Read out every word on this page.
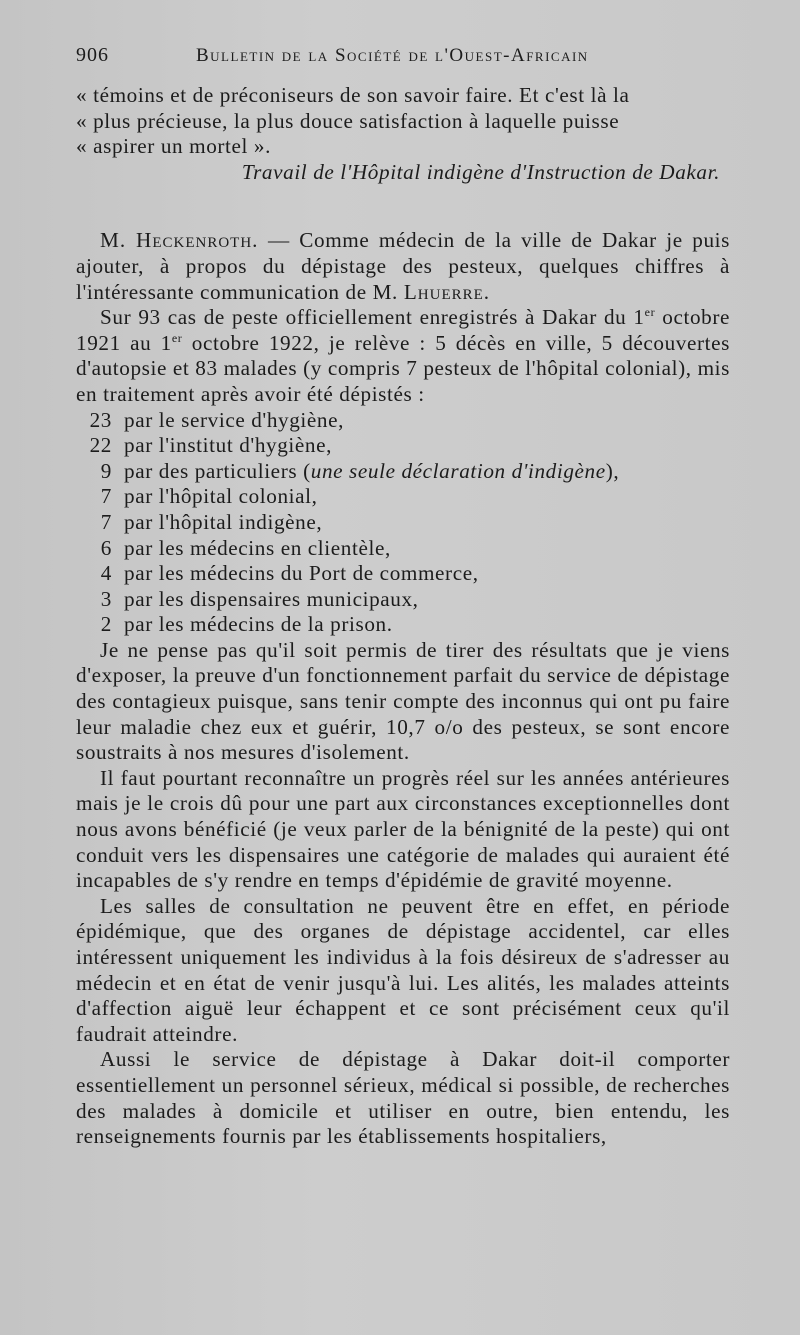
906	Bulletin de la Société de l'Ouest-Africain

« témoins et de préconiseurs de son savoir faire. Et c'est là la

« plus précieuse, la plus douce satisfaction à laquelle puisse

« aspirer un mortel ».

Travail de l'Hôpital indigène d'Instruction de Dakar.

M. Heckenroth. — Comme médecin de la ville de Dakar je puis ajouter, à propos du dépistage des pesteux, quelques chiffres à l'intéressante communication de M. Lhuerre.

Sur 93 cas de peste officiellement enregistrés à Dakar du 1er octobre 1921 au 1er octobre 1922, je relève : 5 décès en ville, 5 découvertes d'autopsie et 83 malades (y compris 7 pesteux de l'hôpital colonial), mis en traitement après avoir été dépistés :

23 par le service d'hygiène,
22 par l'institut d'hygiène,
9 par des particuliers (une seule déclaration d'indigène),
7 par l'hôpital colonial,
7 par l'hôpital indigène,
6 par les médecins en clientèle,
4 par les médecins du Port de commerce,
3 par les dispensaires municipaux,
2 par les médecins de la prison.

Je ne pense pas qu'il soit permis de tirer des résultats que je viens d'exposer, la preuve d'un fonctionnement parfait du service de dépistage des contagieux puisque, sans tenir compte des inconnus qui ont pu faire leur maladie chez eux et guérir, 10,7 o/o des pesteux, se sont encore soustraits à nos mesures d'isolement.

Il faut pourtant reconnaître un progrès réel sur les années antérieures mais je le crois dû pour une part aux circonstances exceptionnelles dont nous avons bénéficié (je veux parler de la bénignité de la peste) qui ont conduit vers les dispensaires une catégorie de malades qui auraient été incapables de s'y rendre en temps d'épidémie de gravité moyenne.

Les salles de consultation ne peuvent être en effet, en période épidémique, que des organes de dépistage accidentel, car elles intéressent uniquement les individus à la fois désireux de s'adresser au médecin et en état de venir jusqu'à lui. Les alités, les malades atteints d'affection aiguë leur échappent et ce sont précisément ceux qu'il faudrait atteindre.

Aussi le service de dépistage à Dakar doit-il comporter essentiellement un personnel sérieux, médical si possible, de recherches des malades à domicile et utiliser en outre, bien entendu, les renseignements fournis par les établissements hospitaliers,
